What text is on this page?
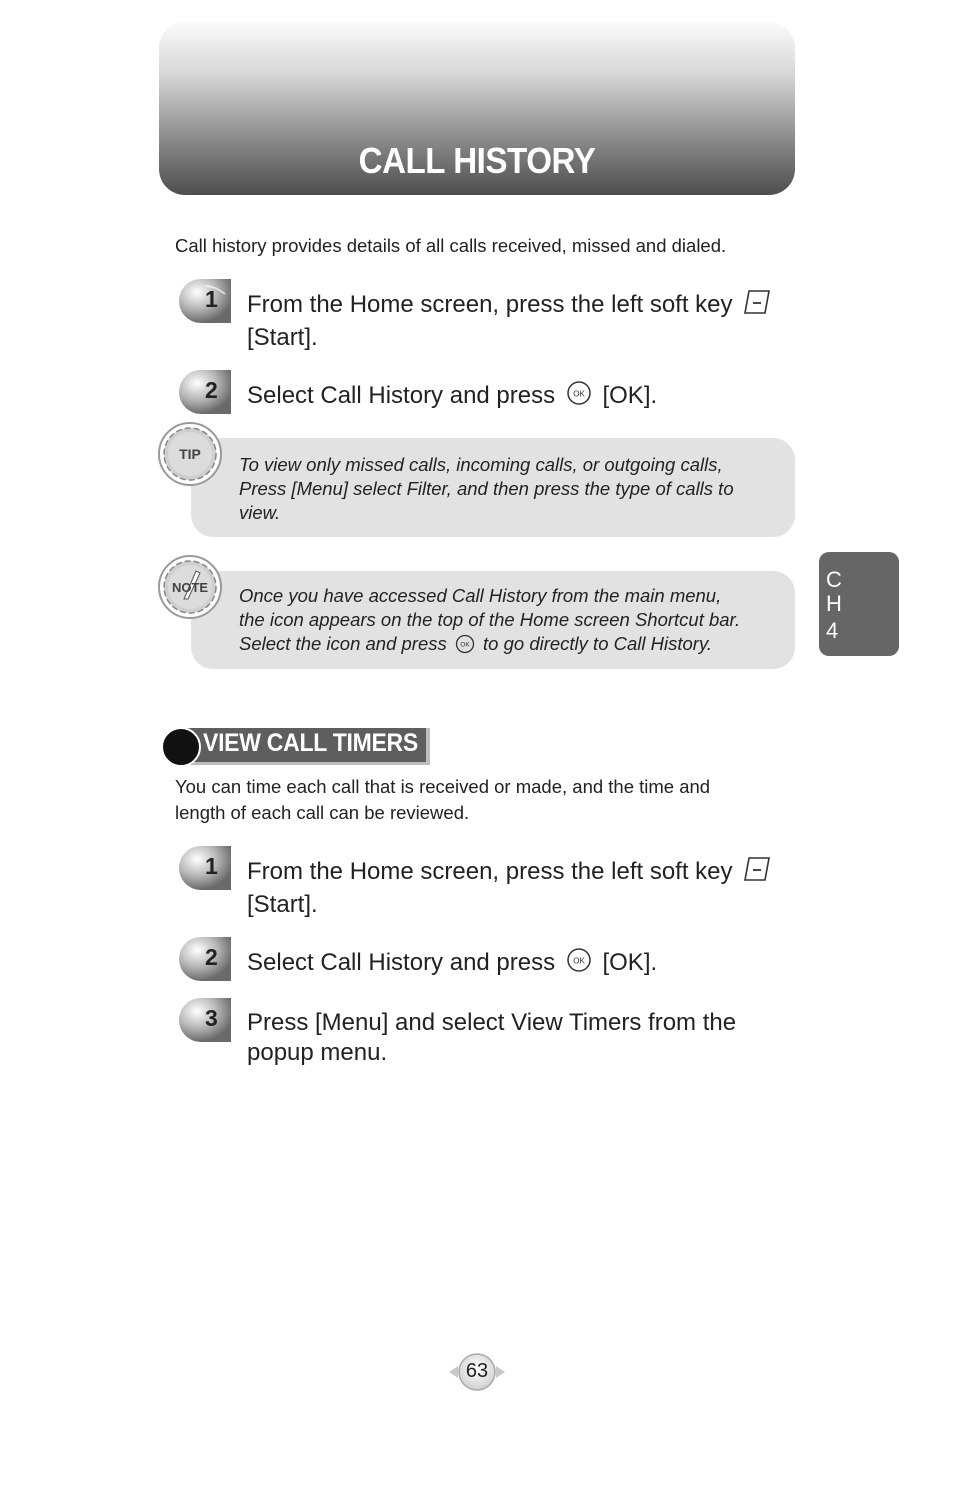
CALL HISTORY
Call history provides details of all calls received, missed and dialed.
1 From the Home screen, press the left soft key
[Start].
2 Select Call History and press OK [OK].
TIP	To view only missed calls, incoming calls, or outgoing calls,
Press [Menu] select Filter, and then press the type of calls to
view.
NOTE	Once you have accessed Call History from the main menu,
the icon appears on the top of the Home screen Shortcut bar.
Select the icon and press OK to go directly to Call History.
C
H
4
VIEW CALL TIMERS
You can time each call that is received or made, and the time and
length of each call can be reviewed.
1 From the Home screen, press the left soft key
[Start].
2 Select Call History and press OK [OK].
3 Press [Menu] and select View Timers from the
popup menu.
63
